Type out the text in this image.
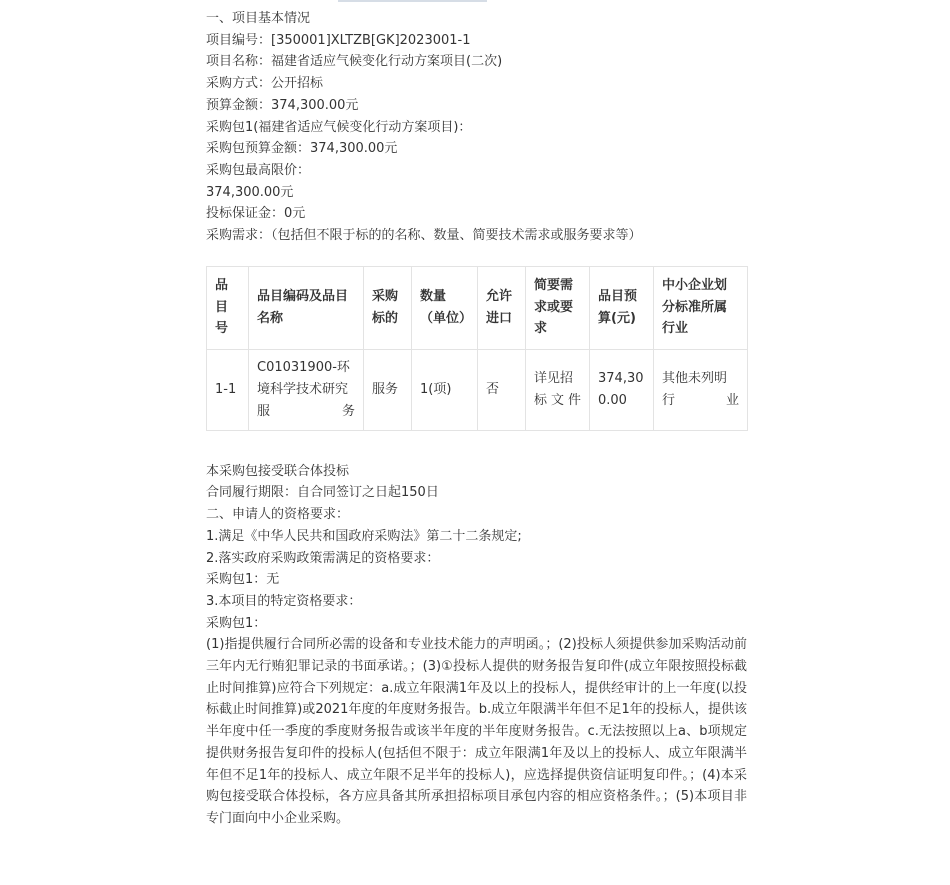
一、项目基本情况
项目编号：[350001]XLTZB[GK]2023001-1
项目名称：福建省适应气候变化行动方案项目(二次)
采购方式：公开招标
预算金额：374,300.00元
采购包1(福建省适应气候变化行动方案项目)：
采购包预算金额：374,300.00元
采购包最高限价：
374,300.00元
投标保证金：0元
采购需求：（包括但不限于标的的名称、数量、简要技术需求或服务要求等）
品目号	品目编码及品目名称	采购标的	数量（单位）	允许进口	简要需求或要求	品目预算(元)	中小企业划分标准所属行业
1-1	C01031900-环境科学技术研究服务	服务	1(项)	否	详见招标文件	374,300.00	其他未列明行业
本采购包接受联合体投标
合同履行期限：自合同签订之日起150日
二、申请人的资格要求：
1.满足《中华人民共和国政府采购法》第二十二条规定;
2.落实政府采购政策需满足的资格要求：
采购包1：无
3.本项目的特定资格要求：
采购包1：
(1)指提供履行合同所必需的设备和专业技术能力的声明函。；(2)投标人须提供参加采购活动前三年内无行贿犯罪记录的书面承诺。；(3)①投标人提供的财务报告复印件(成立年限按照投标截止时间推算)应符合下列规定：a.成立年限满1年及以上的投标人，提供经审计的上一年度(以投标截止时间推算)或2021年度的年度财务报告。b.成立年限满半年但不足1年的投标人，提供该半年度中任一季度的季度财务报告或该半年度的半年度财务报告。c.无法按照以上a、b项规定提供财务报告复印件的投标人(包括但不限于：成立年限满1年及以上的投标人、成立年限满半年但不足1年的投标人、成立年限不足半年的投标人)，应选择提供资信证明复印件。；(4)本采购包接受联合体投标，各方应具备其所承担招标项目承包内容的相应资格条件。；(5)本项目非专门面向中小企业采购。
